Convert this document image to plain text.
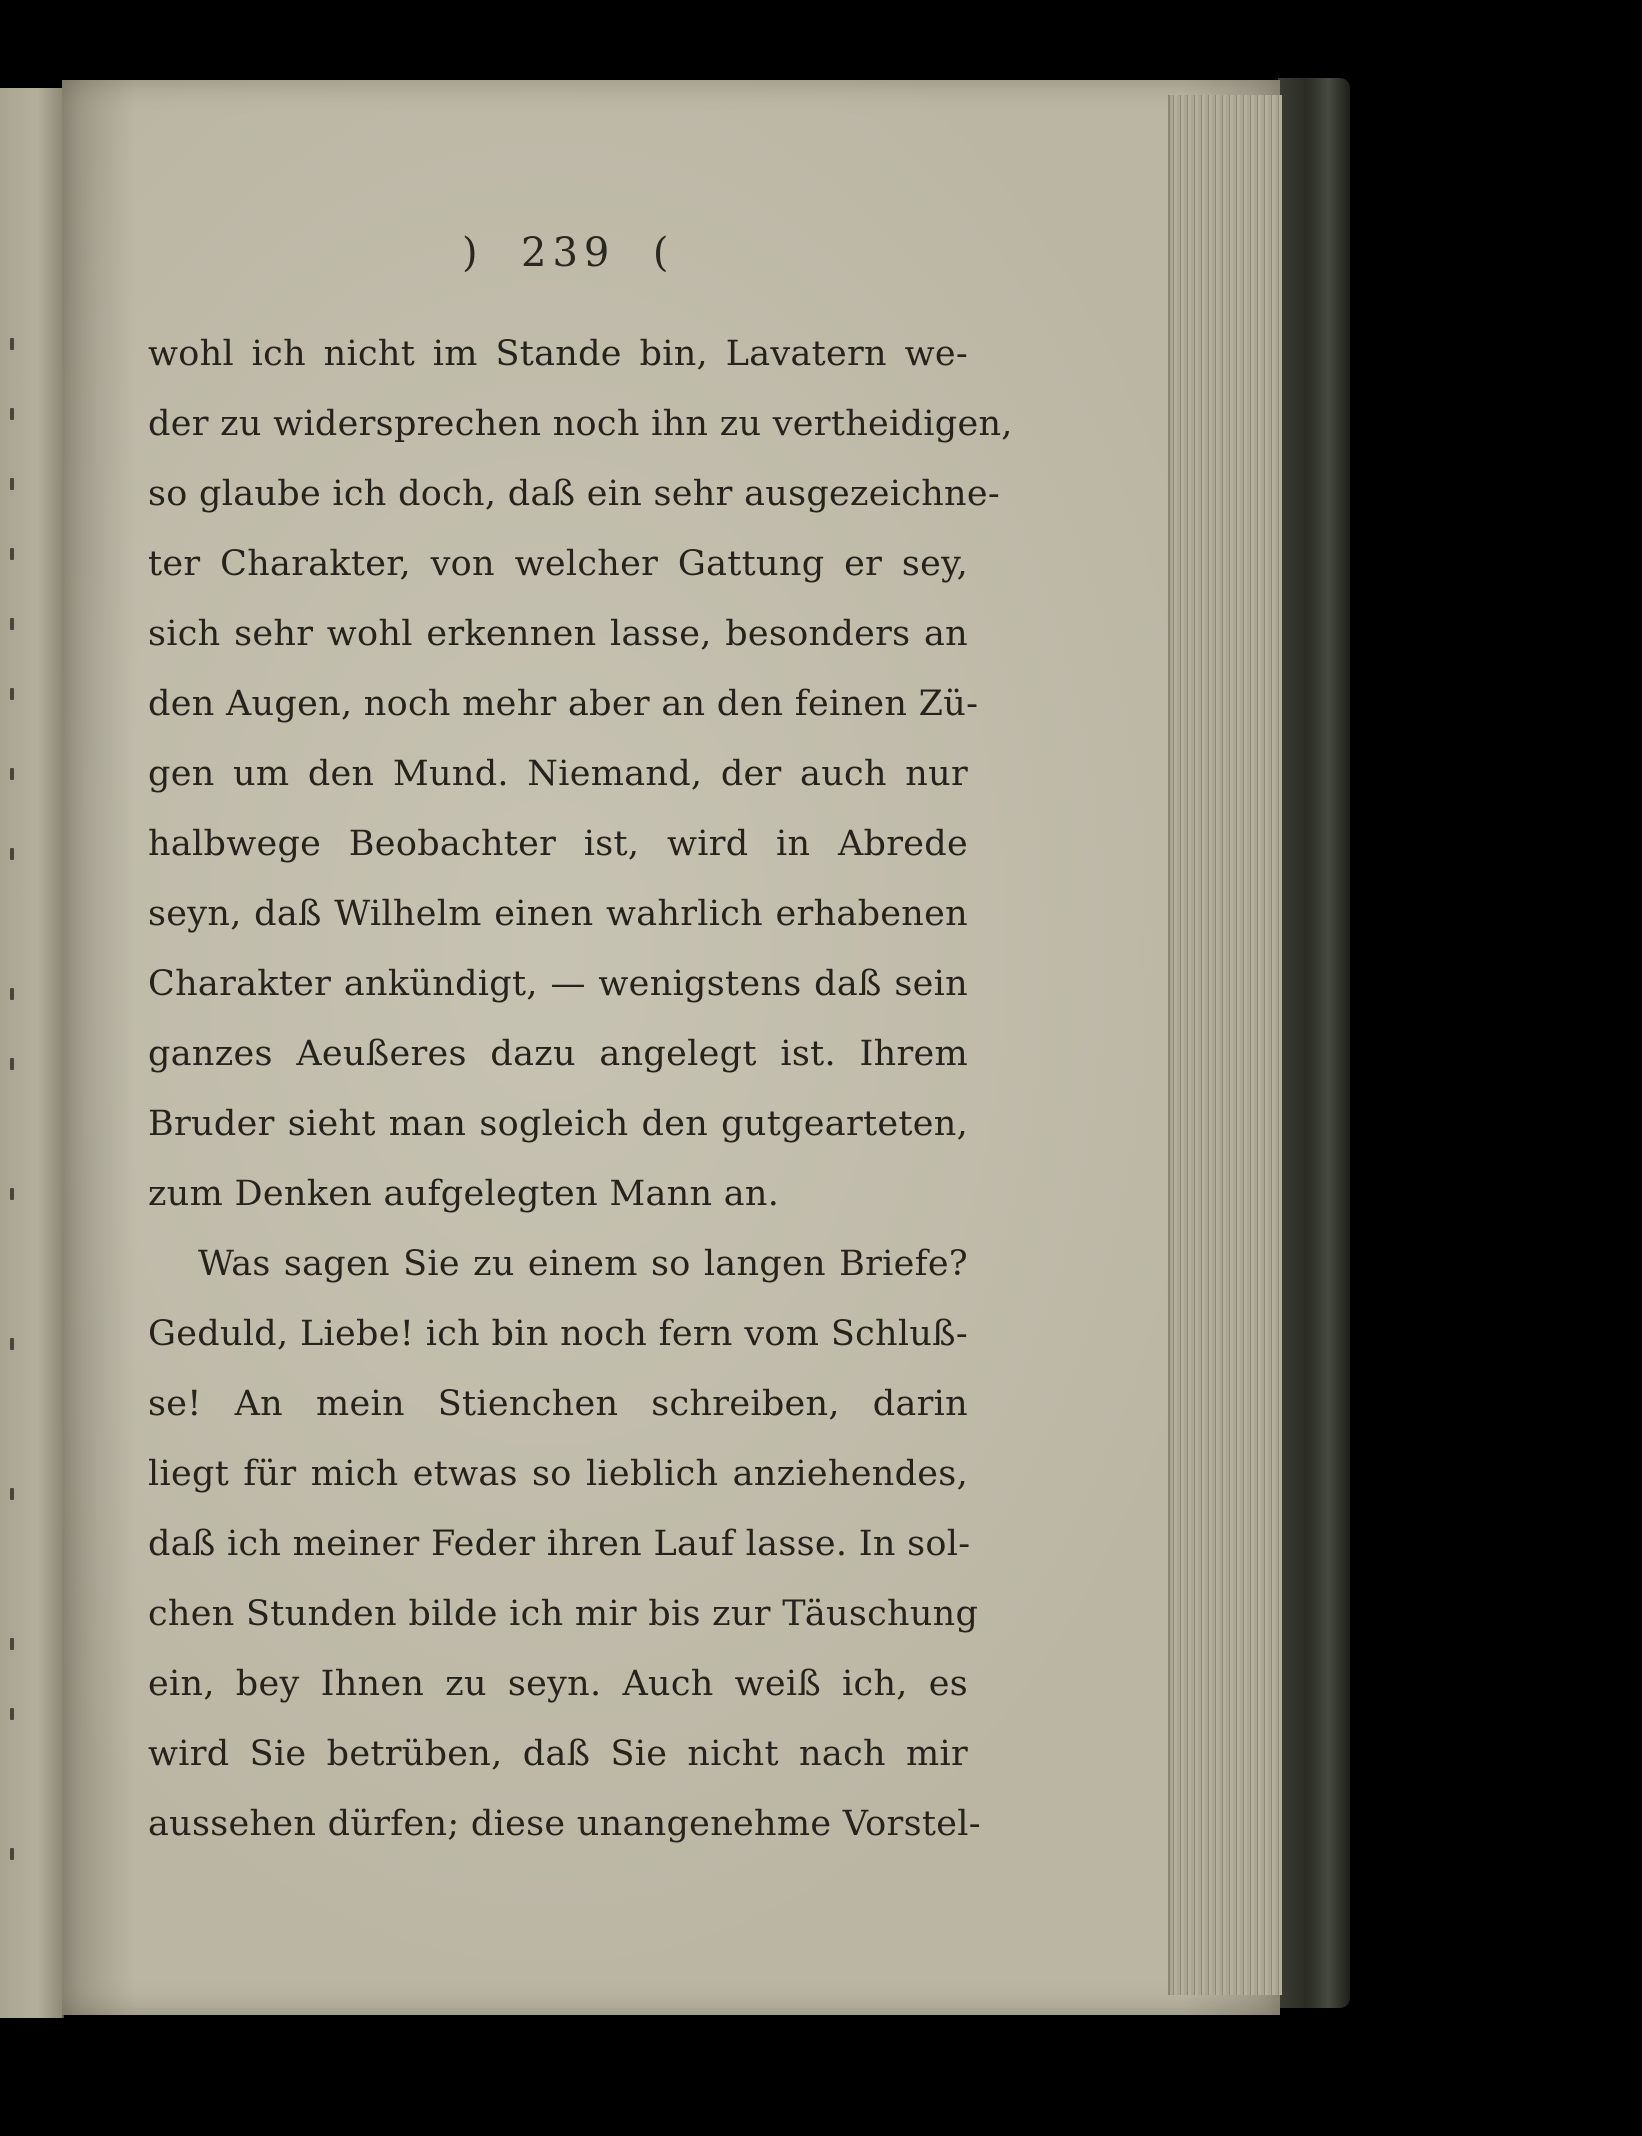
)  239  (
wohl ich nicht im Stande bin, Lavatern we-
der zu widersprechen noch ihn zu vertheidigen,
so glaube ich doch, daß ein sehr ausgezeichne-
ter Charakter, von welcher Gattung er sey,
sich sehr wohl erkennen lasse, besonders an
den Augen, noch mehr aber an den feinen Zü-
gen um den Mund. Niemand, der auch nur
halbwege Beobachter ist, wird in Abrede
seyn, daß Wilhelm einen wahrlich erhabenen
Charakter ankündigt, — wenigstens daß sein
ganzes Aeußeres dazu angelegt ist. Ihrem
Bruder sieht man sogleich den gutgearteten,
zum Denken aufgelegten Mann an.
Was sagen Sie zu einem so langen Briefe?
Geduld, Liebe! ich bin noch fern vom Schluß-
se! An mein Stienchen schreiben, darin
liegt für mich etwas so lieblich anziehendes,
daß ich meiner Feder ihren Lauf lasse. In sol-
chen Stunden bilde ich mir bis zur Täuschung
ein, bey Ihnen zu seyn. Auch weiß ich, es
wird Sie betrüben, daß Sie nicht nach mir
aussehen dürfen; diese unangenehme Vorstel-
